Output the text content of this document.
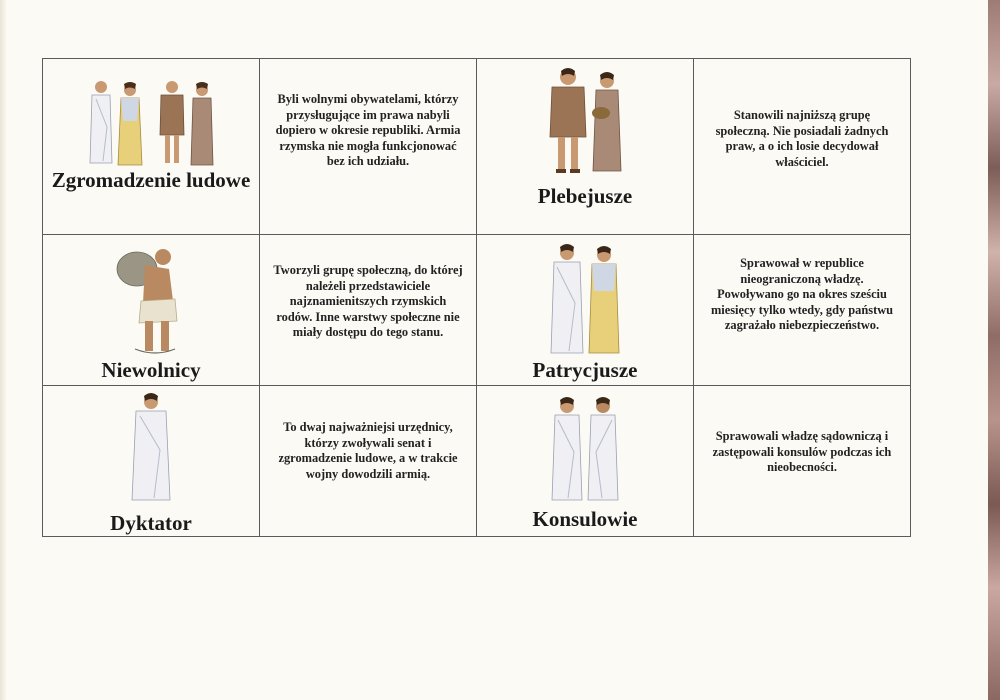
Zgromadzenie ludowe	Byli wolnymi obywatelami, którzy przysługujące im prawa nabyli dopiero w okresie republiki. Armia rzymska nie mogła funkcjonować bez ich udziału.	Plebejusze	Stanowili najniższą grupę społeczną. Nie posiadali żadnych praw, a o ich losie decydował właściciel.

Niewolnicy	Tworzyli grupę społeczną, do której należeli przedstawiciele najznamienitszych rzymskich rodów. Inne warstwy społeczne nie miały dostępu do tego stanu.	Patrycjusze	Sprawował w republice nieograniczoną władzę. Powoływano go na okres sześciu miesięcy tylko wtedy, gdy państwu zagrażało niebezpieczeństwo.

Dyktator	To dwaj najważniejsi urzędnicy, którzy zwoływali senat i zgromadzenie ludowe, a w trakcie wojny dowodzili armią.	Konsulowie	Sprawowali władzę sądowniczą i zastępowali konsulów podczas ich nieobecności.
